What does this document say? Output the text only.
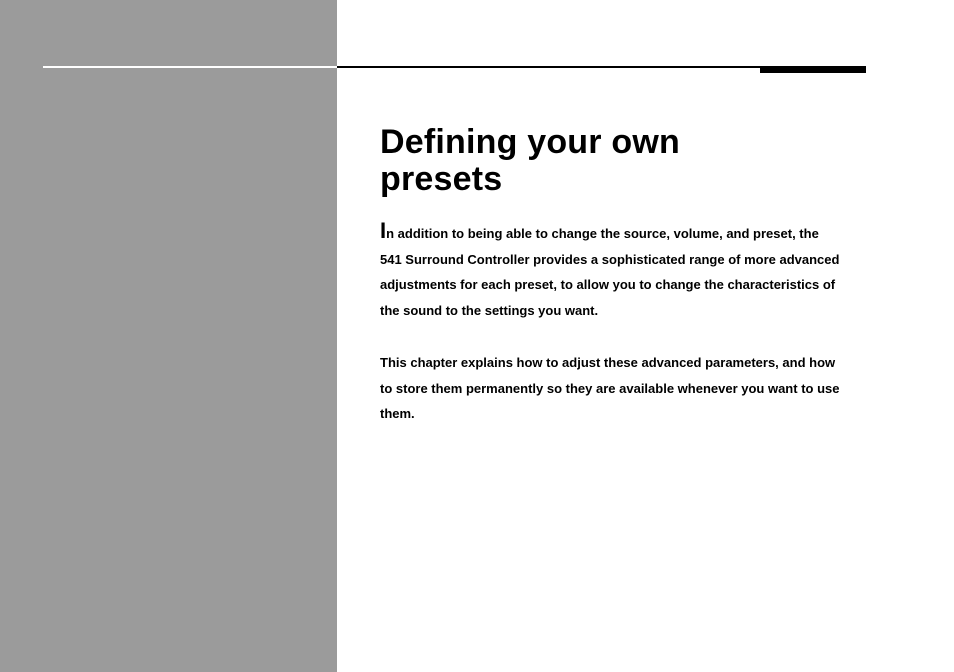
Defining your own presets

In addition to being able to change the source, volume, and preset, the
541 Surround Controller provides a sophisticated range of more advanced
adjustments for each preset, to allow you to change the characteristics of
the sound to the settings you want.

This chapter explains how to adjust these advanced parameters, and how
to store them permanently so they are available whenever you want to use
them.
